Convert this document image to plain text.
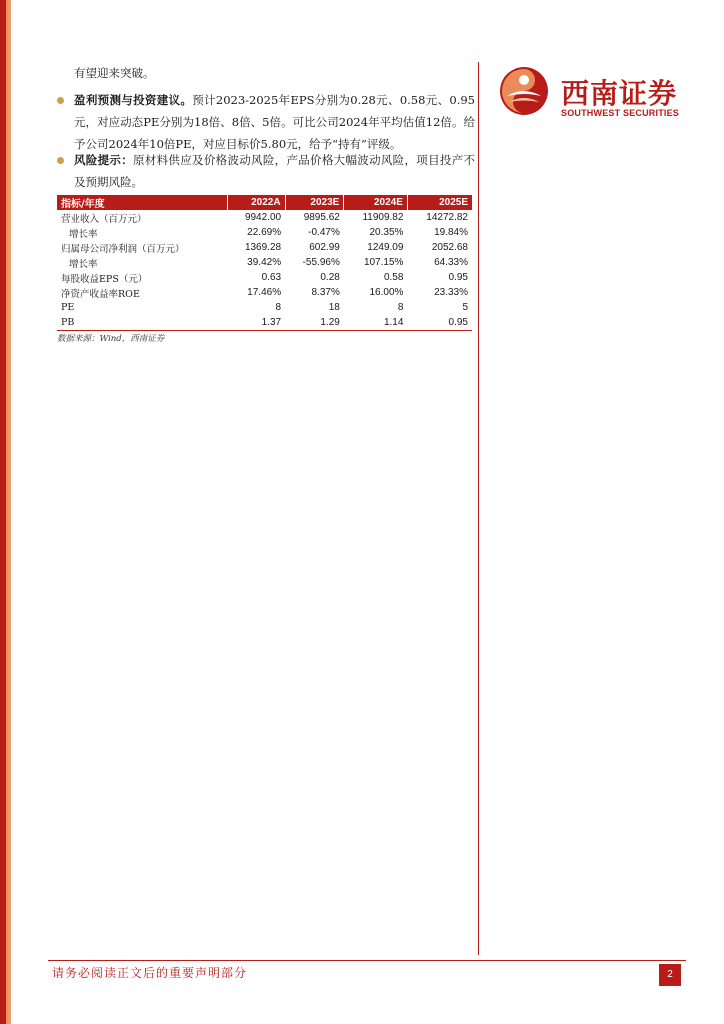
西南证券
SOUTHWEST SECURITIES
有望迎来突破。
盈利预测与投资建议。预计2023-2025年EPS分别为0.28元、0.58元、0.95元，对应动态PE分别为18倍、8倍、5倍。可比公司2024年平均估值12倍。给予公司2024年10倍PE，对应目标价5.80元，给予“持有”评级。
风险提示：原材料供应及价格波动风险，产品价格大幅波动风险，项目投产不及预期风险。
指标/年度	2022A	2023E	2024E	2025E
营业收入（百万元）	9942.00	9895.62	11909.82	14272.82
增长率	22.69%	-0.47%	20.35%	19.84%
归属母公司净利润（百万元）	1369.28	602.99	1249.09	2052.68
增长率	39.42%	-55.96%	107.15%	64.33%
每股收益EPS（元）	0.63	0.28	0.58	0.95
净资产收益率ROE	17.46%	8.37%	16.00%	23.33%
PE	8	18	8	5
PB	1.37	1.29	1.14	0.95
数据来源：Wind，西南证券
请务必阅读正文后的重要声明部分	2
